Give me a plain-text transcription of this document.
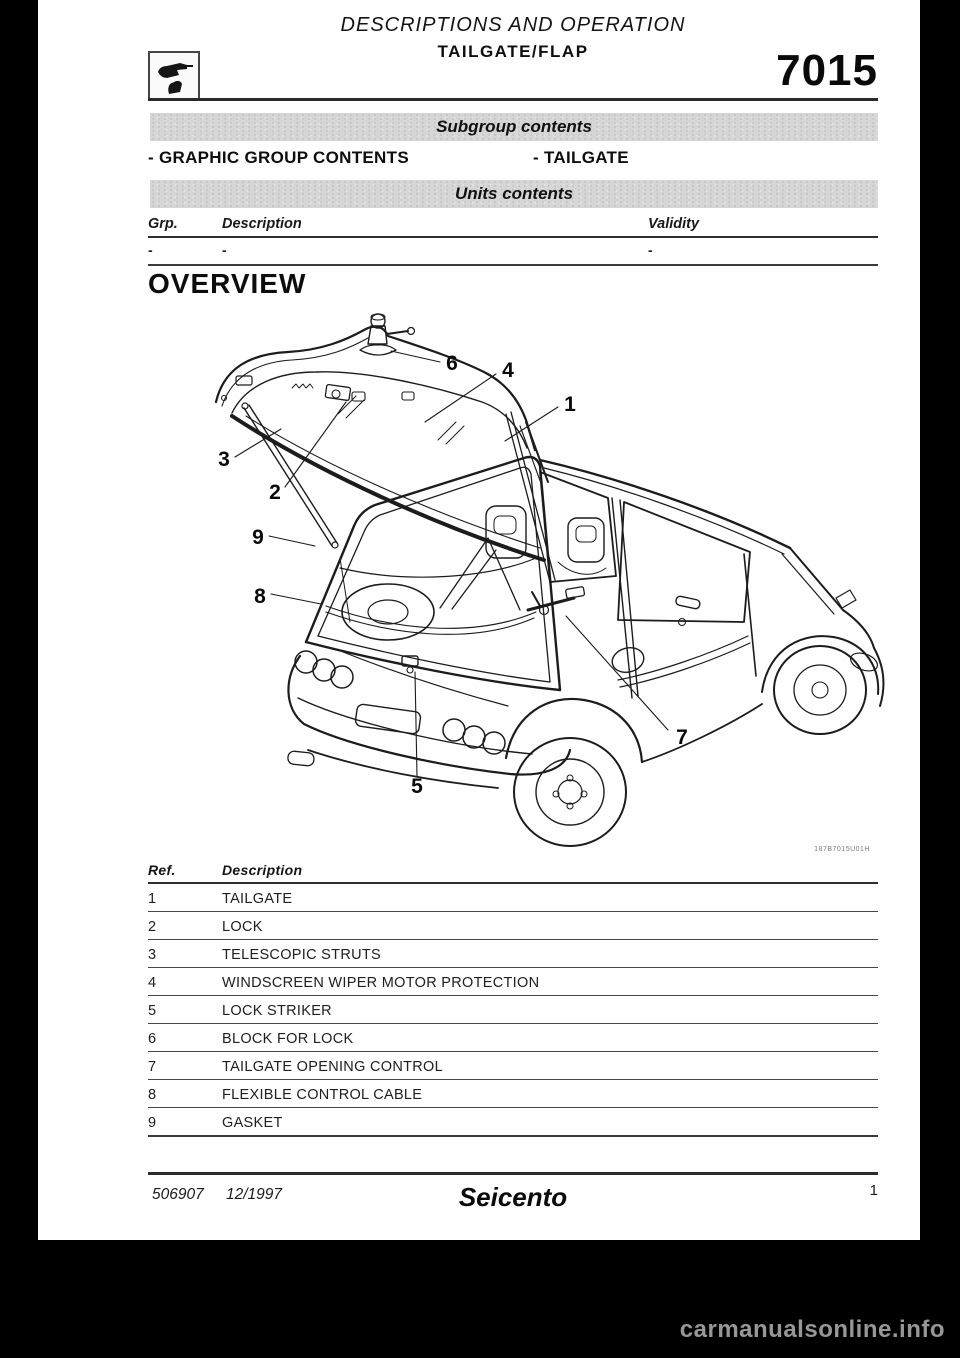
DESCRIPTIONS AND OPERATION
TAILGATE/FLAP	7015
Subgroup contents
- GRAPHIC GROUP CONTENTS	- TAILGATE
Units contents
Grp.	Description	Validity
-	-	-
OVERVIEW
1
2
3
4
5
6
7
8
9
187B7015U01H
Ref.	Description
1	TAILGATE
2	LOCK
3	TELESCOPIC STRUTS
4	WINDSCREEN WIPER MOTOR PROTECTION
5	LOCK STRIKER
6	BLOCK FOR LOCK
7	TAILGATE OPENING CONTROL
8	FLEXIBLE CONTROL CABLE
9	GASKET
Seicento
506907 12/1997	1
carmanualsonline.info
